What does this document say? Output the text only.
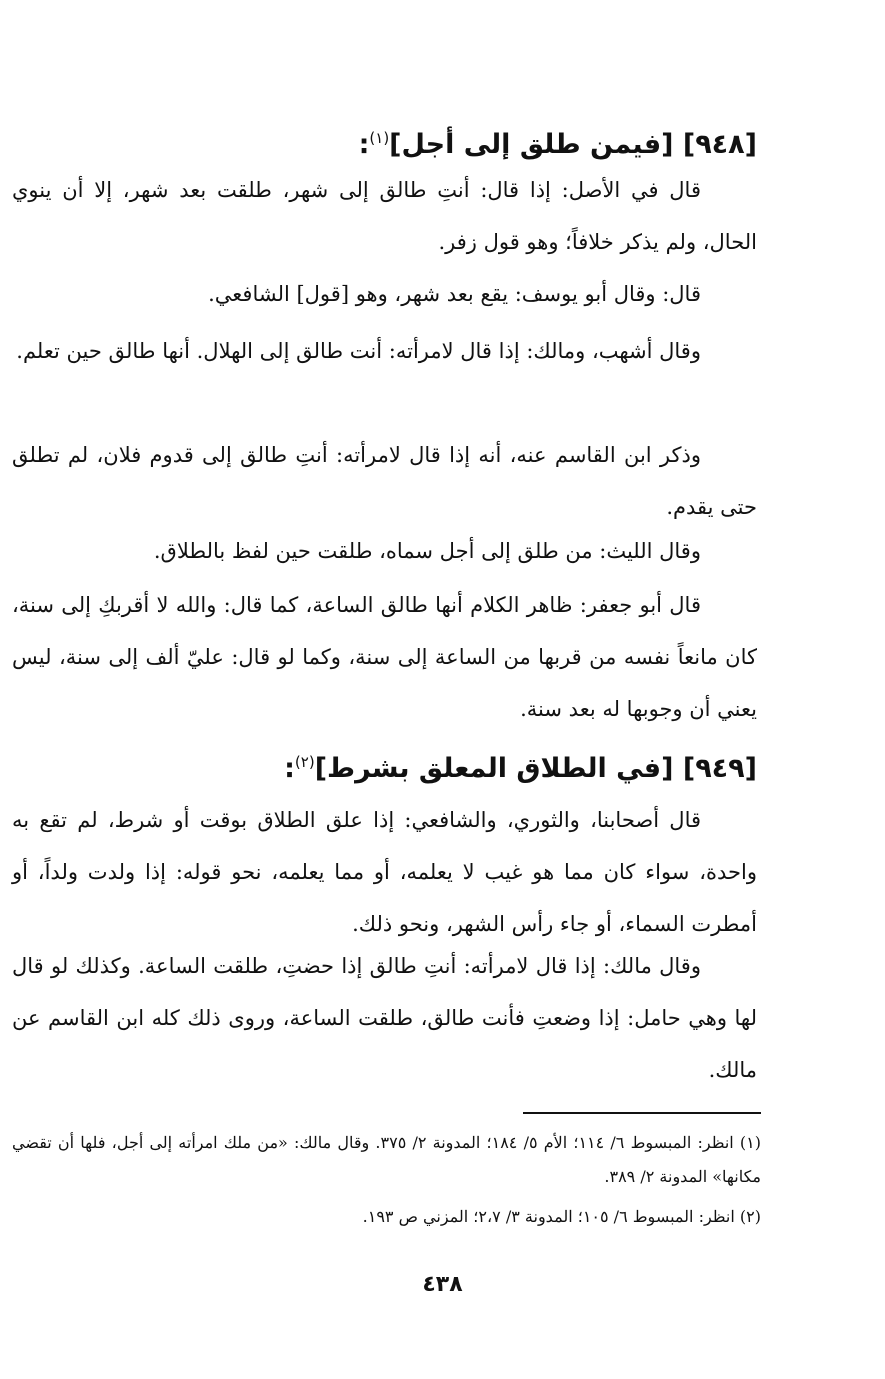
[٩٤٨] [فيمن طلق إلى أجل]$^{(١)}$:

قال في الأصل: إذا قال: أنتِ طالق إلى شهر، طلقت بعد شهر، إلا أن ينوي الحال، ولم يذكر خلافاً؛ وهو قول زفر.

قال: وقال أبو يوسف: يقع بعد شهر، وهو [قول] الشافعي.

وقال أشهب، ومالك: إذا قال لامرأته: أنت طالق إلى الهلال. أنها طالق حين تعلم.

وذكر ابن القاسم عنه، أنه إذا قال لامرأته: أنتِ طالق إلى قدوم فلان، لم تطلق حتى يقدم.

وقال الليث: من طلق إلى أجل سماه، طلقت حين لفظ بالطلاق.

قال أبو جعفر: ظاهر الكلام أنها طالق الساعة، كما قال: والله لا أقربكِ إلى سنة، كان مانعاً نفسه من قربها من الساعة إلى سنة، وكما لو قال: عليّ ألف إلى سنة، ليس يعني أن وجوبها له بعد سنة.

[٩٤٩] [في الطلاق المعلق بشرط]$^{(٢)}$:

قال أصحابنا، والثوري، والشافعي: إذا علق الطلاق بوقت أو شرط، لم تقع به واحدة، سواء كان مما هو غيب لا يعلمه، أو مما يعلمه، نحو قوله: إذا ولدت ولداً، أو أمطرت السماء، أو جاء رأس الشهر، ونحو ذلك.

وقال مالك: إذا قال لامرأته: أنتِ طالق إذا حضتِ، طلقت الساعة. وكذلك لو قال لها وهي حامل: إذا وضعتِ فأنت طالق، طلقت الساعة، وروى ذلك كله ابن القاسم عن مالك.

(١) انظر: المبسوط ٦/ ١١٤؛ الأم ٥/ ١٨٤؛ المدونة ٢/ ٣٧٥. وقال مالك: «من ملك امرأته إلى أجل، فلها أن تقضي مكانها» المدونة ٢/ ٣٨٩.

(٢) انظر: المبسوط ٦/ ١٠٥؛ المدونة ٣/ ٢،٧؛ المزني ص ١٩٣.

٤٣٨
